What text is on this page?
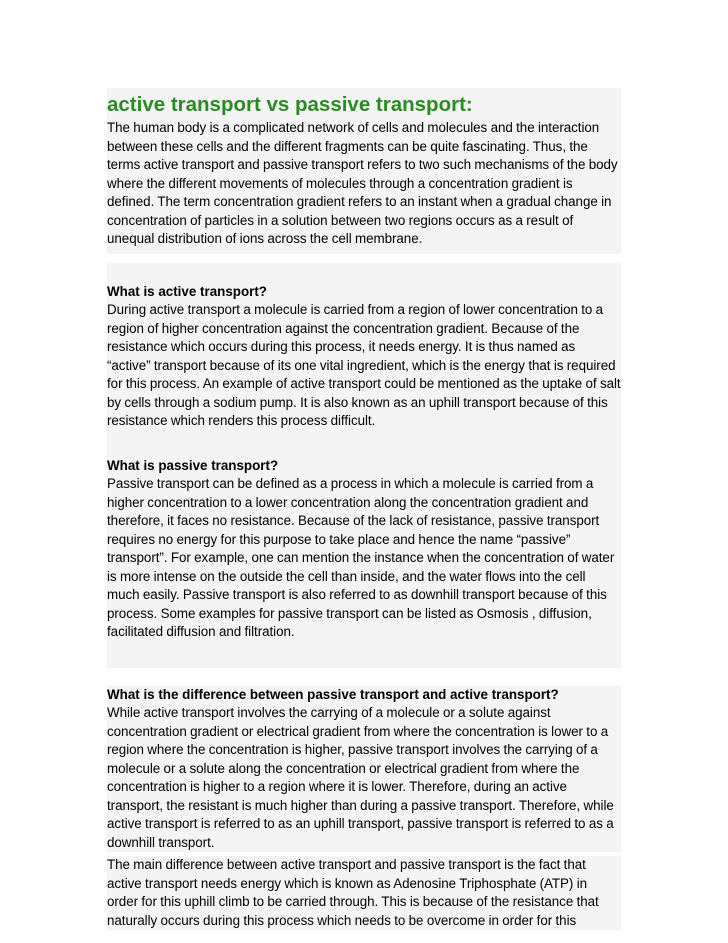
active transport vs passive transport:

The human body is a complicated network of cells and molecules and the interaction between these cells and the different fragments can be quite fascinating. Thus, the terms active transport and passive transport refers to two such mechanisms of the body where the different movements of molecules through a concentration gradient is defined. The term concentration gradient refers to an instant when a gradual change in concentration of particles in a solution between two regions occurs as a result of unequal distribution of ions across the cell membrane.

What is active transport?

During active transport a molecule is carried from a region of lower concentration to a region of higher concentration against the concentration gradient. Because of the resistance which occurs during this process, it needs energy. It is thus named as “active” transport because of its one vital ingredient, which is the energy that is required for this process. An example of active transport could be mentioned as the uptake of salt by cells through a sodium pump. It is also known as an uphill transport because of this resistance which renders this process difficult.

What is passive transport?

Passive transport can be defined as a process in which a molecule is carried from a higher concentration to a lower concentration along the concentration gradient and therefore, it faces no resistance. Because of the lack of resistance, passive transport requires no energy for this purpose to take place and hence the name “passive” transport”. For example, one can mention the instance when the concentration of water is more intense on the outside the cell than inside, and the water flows into the cell much easily. Passive transport is also referred to as downhill transport because of this process. Some examples for passive transport can be listed as Osmosis , diffusion, facilitated diffusion and filtration.

What is the difference between passive transport and active transport?

While active transport involves the carrying of a molecule or a solute against concentration gradient or electrical gradient from where the concentration is lower to a region where the concentration is higher, passive transport involves the carrying of a molecule or a solute along the concentration or electrical gradient from where the concentration is higher to a region where it is lower. Therefore, during an active transport, the resistant is much higher than during a passive transport. Therefore, while active transport is referred to as an uphill transport, passive transport is referred to as a downhill transport.

The main difference between active transport and passive transport is the fact that active transport needs energy which is known as Adenosine Triphosphate (ATP) in order for this uphill climb to be carried through. This is because of the resistance that naturally occurs during this process which needs to be overcome in order for this
